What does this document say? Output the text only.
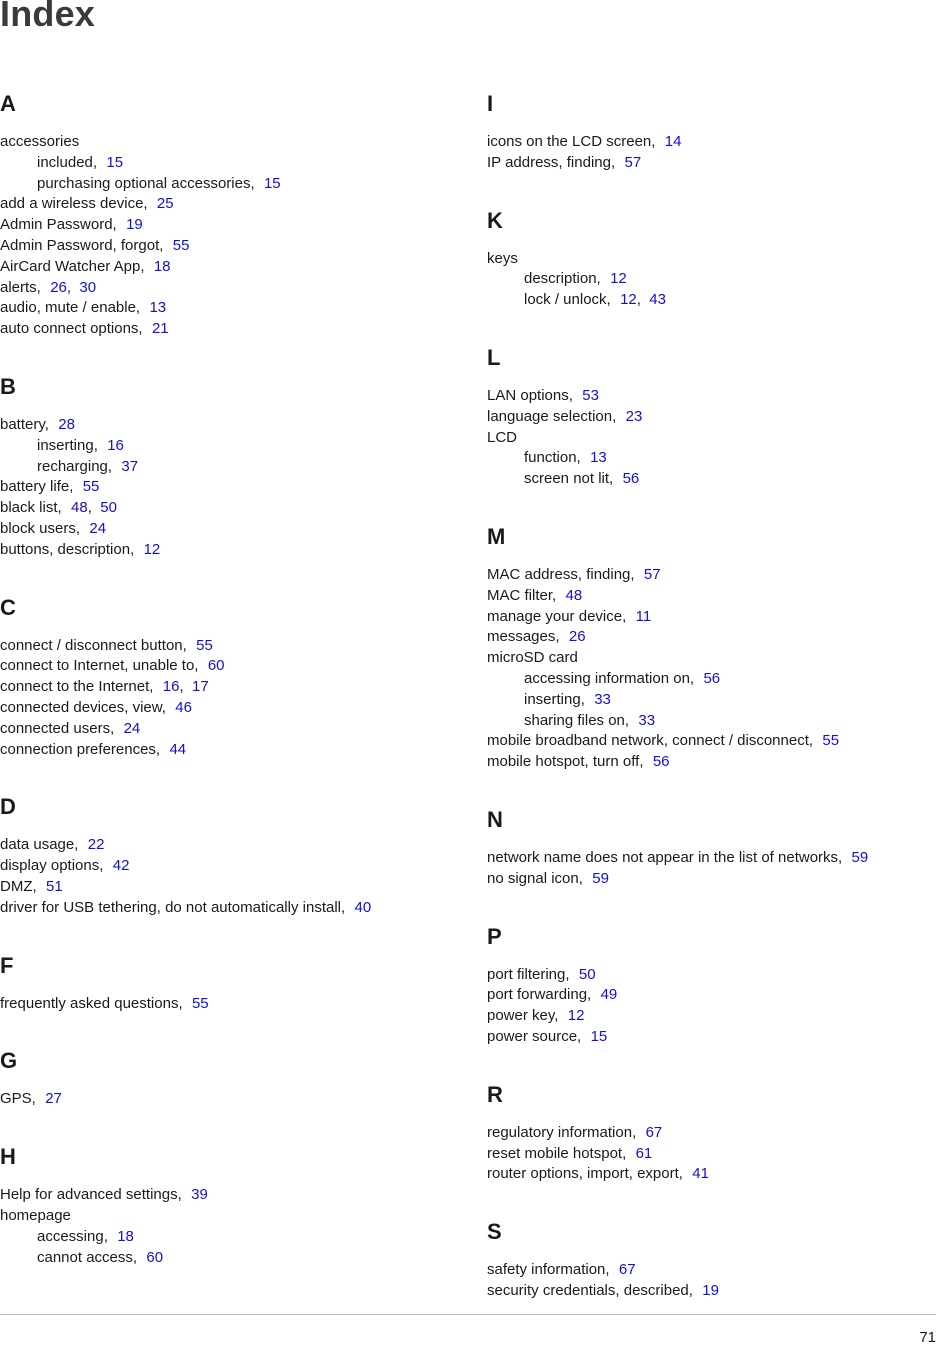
Index
A
accessories
included, 15
purchasing optional accessories, 15
add a wireless device, 25
Admin Password, 19
Admin Password, forgot, 55
AirCard Watcher App, 18
alerts, 26, 30
audio, mute / enable, 13
auto connect options, 21
B
battery, 28
inserting, 16
recharging, 37
battery life, 55
black list, 48, 50
block users, 24
buttons, description, 12
C
connect / disconnect button, 55
connect to Internet, unable to, 60
connect to the Internet, 16, 17
connected devices, view, 46
connected users, 24
connection preferences, 44
D
data usage, 22
display options, 42
DMZ, 51
driver for USB tethering, do not automatically install, 40
F
frequently asked questions, 55
G
GPS, 27
H
Help for advanced settings, 39
homepage
accessing, 18
cannot access, 60
I
icons on the LCD screen, 14
IP address, finding, 57
K
keys
description, 12
lock / unlock, 12, 43
L
LAN options, 53
language selection, 23
LCD
function, 13
screen not lit, 56
M
MAC address, finding, 57
MAC filter, 48
manage your device, 11
messages, 26
microSD card
accessing information on, 56
inserting, 33
sharing files on, 33
mobile broadband network, connect / disconnect, 55
mobile hotspot, turn off, 56
N
network name does not appear in the list of networks, 59
no signal icon, 59
P
port filtering, 50
port forwarding, 49
power key, 12
power source, 15
R
regulatory information, 67
reset mobile hotspot, 61
router options, import, export, 41
S
safety information, 67
security credentials, described, 19
71
